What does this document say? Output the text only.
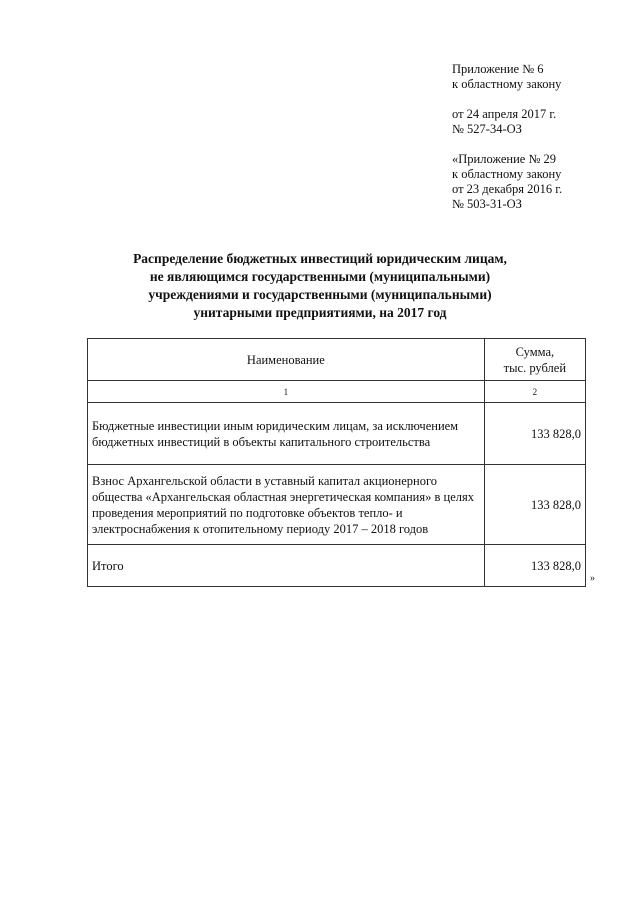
Приложение № 6
к областному закону
от 24 апреля 2017 г.
№ 527-34-ОЗ
«Приложение № 29
к областному закону
от 23 декабря 2016 г.
№ 503-31-ОЗ
Распределение бюджетных инвестиций юридическим лицам,
не являющимся государственными (муниципальными)
учреждениями и государственными (муниципальными)
унитарными предприятиями, на 2017 год
Наименование	Сумма,
тыс. рублей

1	2
Бюджетные инвестиции иным юридическим лицам, за исключением бюджетных инвестиций в объекты капитального строительства	133 828,0
Взнос Архангельской области в уставный капитал акционерного общества «Архангельская областная энергетическая компания» в целях проведения мероприятий по подготовке объектов тепло- и электроснабжения к отопительному периоду 2017 – 2018 годов	133 828,0
Итого	133 828,0
»
